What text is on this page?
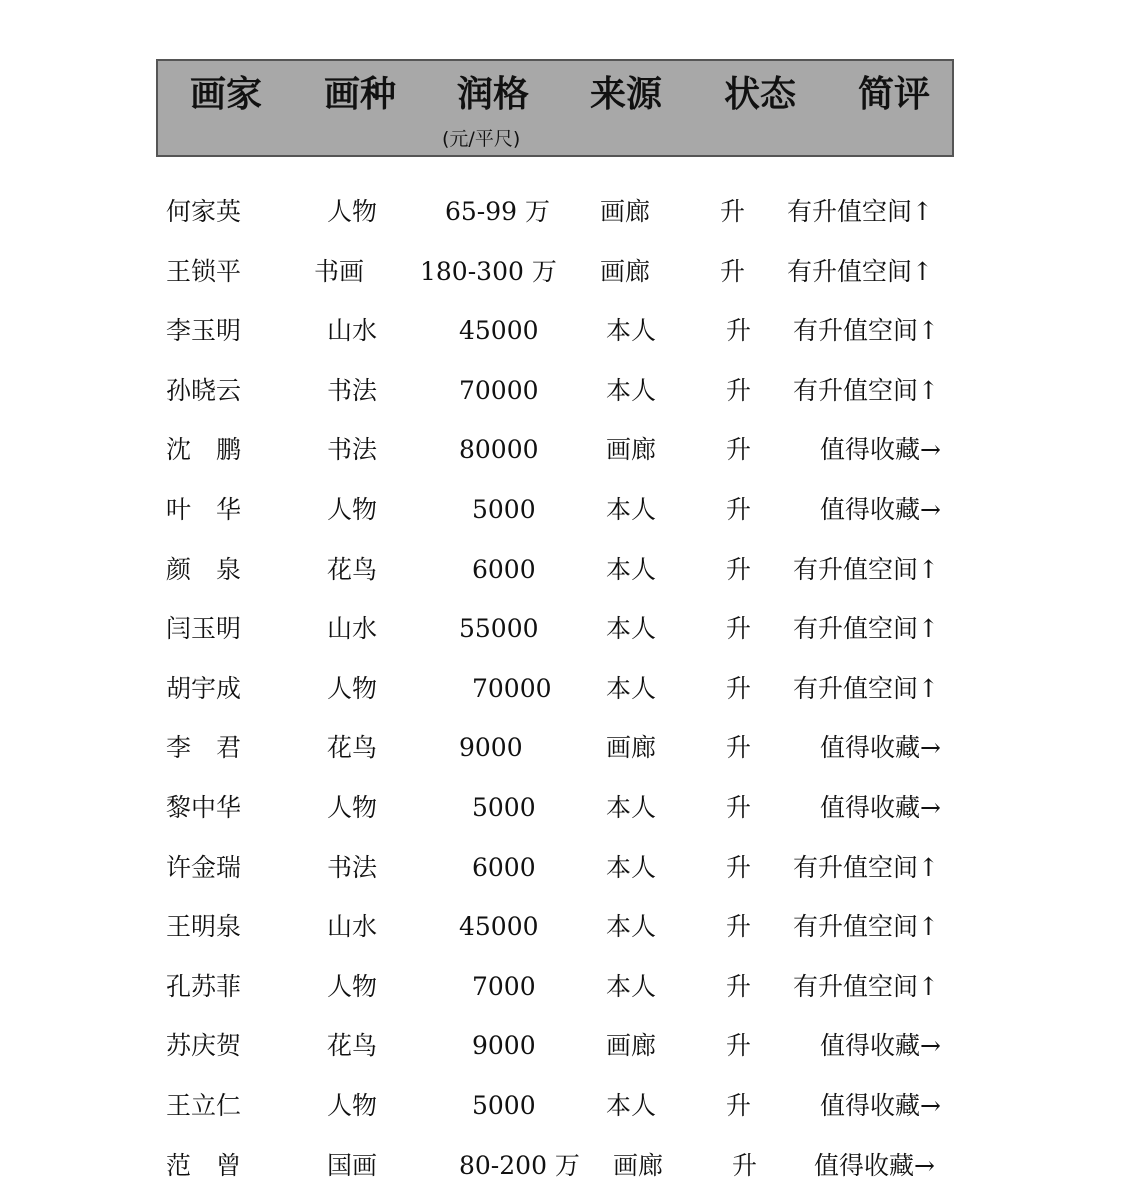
画家 画种 润格 来源 状态 简评
(元/平尺)
何家英	人物	65-99 万 画廊	升 有升值空间↑
王锁平	书画 180-300 万 画廊	升 有升值空间↑
李玉明	山水	45000	本人	升 有升值空间↑
孙晓云	书法	70000	本人	升 有升值空间↑
沈　鹏	书法	80000	画廊	升	值得收藏→
叶　华	人物	5000	本人	升	值得收藏→
颜　泉	花鸟	6000	本人	升 有升值空间↑
闫玉明	山水	55000	本人	升 有升值空间↑
胡宇成	人物	70000 本人	升 有升值空间↑
李　君	花鸟	9000	画廊	升	值得收藏→
黎中华	人物	5000	本人	升	值得收藏→
许金瑞	书法	6000	本人	升 有升值空间↑
王明泉	山水	45000	本人	升 有升值空间↑
孔苏菲	人物	7000	本人	升 有升值空间↑
苏庆贺	花鸟	9000	画廊	升	值得收藏→
王立仁	人物	5000	本人	升	值得收藏→
范　曾	国画	80-200 万 画廊	升 值得收藏→
